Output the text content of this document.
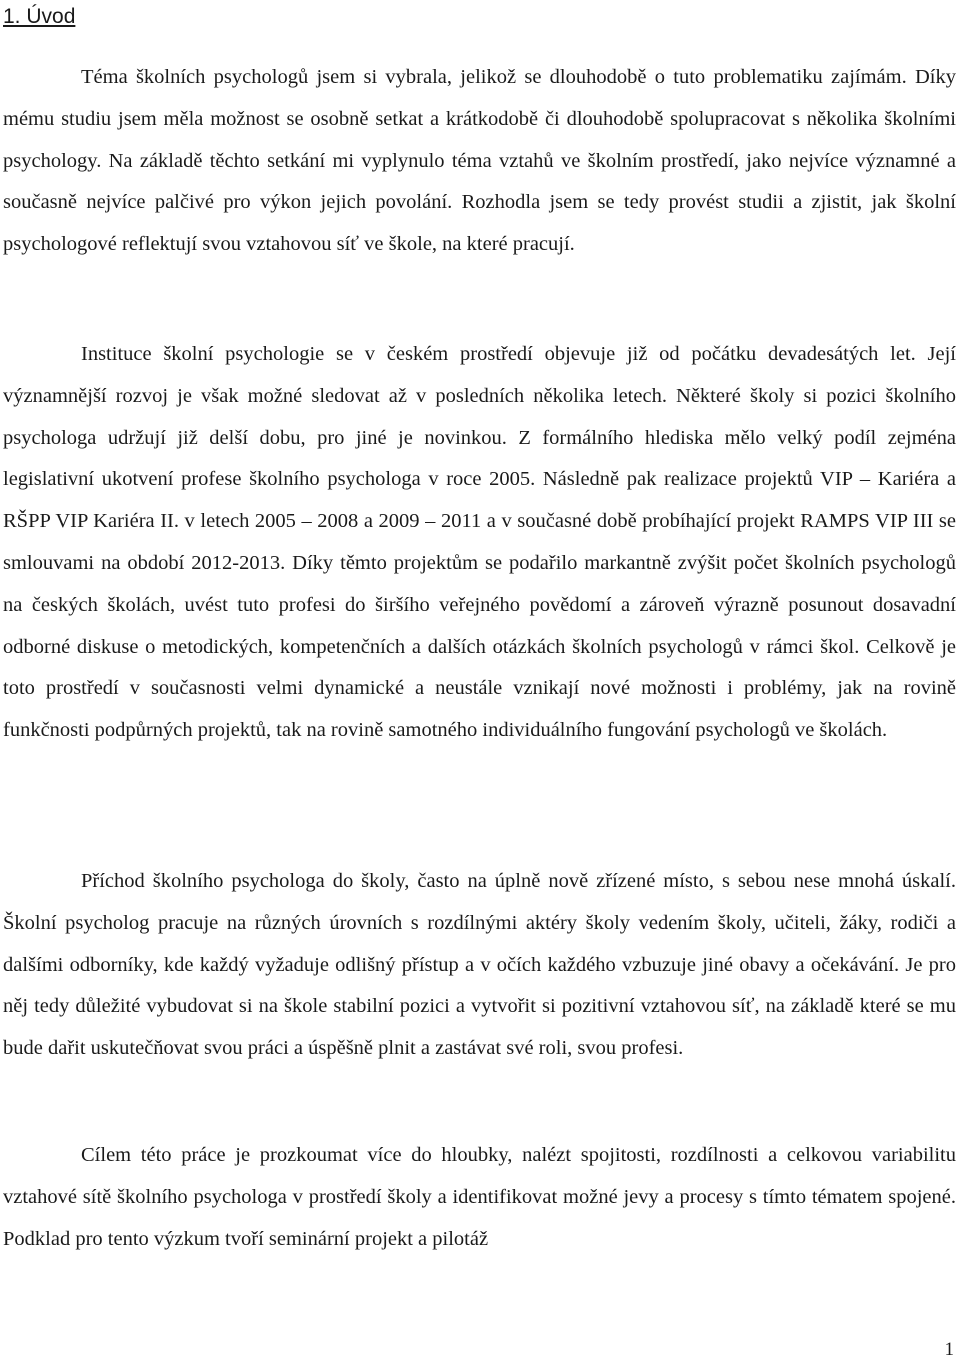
1. Úvod

Téma školních psychologů jsem si vybrala, jelikož se dlouhodobě o tuto problematiku zajímám. Díky mému studiu jsem měla možnost se osobně setkat a krátkodobě či dlouhodobě spolupracovat s několika školními psychology. Na základě těchto setkání mi vyplynulo téma vztahů ve školním prostředí, jako nejvíce významné a současně nejvíce palčivé pro výkon jejich povolání. Rozhodla jsem se tedy provést studii a zjistit, jak školní psychologové reflektují svou vztahovou síť ve škole, na které pracují.

Instituce školní psychologie se v českém prostředí objevuje již od počátku devadesátých let. Její významnější rozvoj je však možné sledovat až v posledních několika letech. Některé školy si pozici školního psychologa udržují již delší dobu, pro jiné je novinkou. Z formálního hlediska mělo velký podíl zejména legislativní ukotvení profese školního psychologa v roce 2005. Následně pak realizace projektů VIP – Kariéra a RŠPP VIP Kariéra II. v letech 2005 – 2008 a 2009 – 2011 a v současné době probíhající projekt RAMPS VIP III se smlouvami na období 2012-2013. Díky těmto projektům se podařilo markantně zvýšit počet školních psychologů na českých školách, uvést tuto profesi do širšího veřejného povědomí a zároveň výrazně posunout dosavadní odborné diskuse o metodických, kompetenčních a dalších otázkách školních psychologů v rámci škol. Celkově je toto prostředí v současnosti velmi dynamické a neustále vznikají nové možnosti i problémy, jak na rovině funkčnosti podpůrných projektů, tak na rovině samotného individuálního fungování psychologů ve školách.

Příchod školního psychologa do školy, často na úplně nově zřízené místo, s sebou nese mnohá úskalí. Školní psycholog pracuje na různých úrovních s rozdílnými aktéry školy vedením školy, učiteli, žáky, rodiči a dalšími odborníky, kde každý vyžaduje odlišný přístup a v očích každého vzbuzuje jiné obavy a očekávání. Je pro něj tedy důležité vybudovat si na škole stabilní pozici a vytvořit si pozitivní vztahovou síť, na základě které se mu bude dařit uskutečňovat svou práci a úspěšně plnit a zastávat své roli, svou profesi.

Cílem této práce je prozkoumat více do hloubky, nalézt spojitosti, rozdílnosti a celkovou variabilitu vztahové sítě školního psychologa v prostředí školy a identifikovat možné jevy a procesy s tímto tématem spojené. Podklad pro tento výzkum tvoří seminární projekt a pilotáž

1
